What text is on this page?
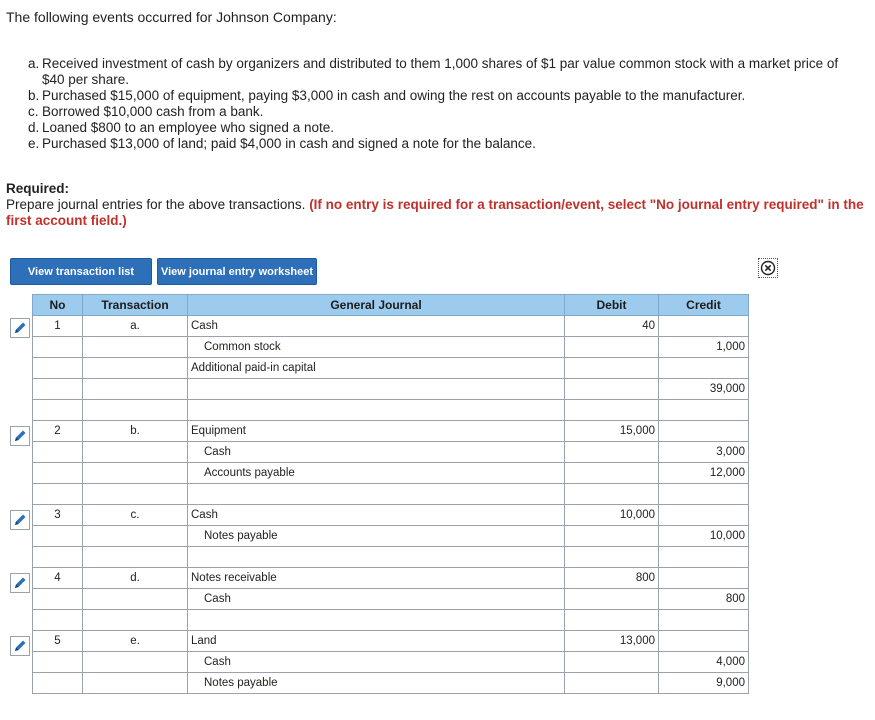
The following events occurred for Johnson Company:
a. Received investment of cash by organizers and distributed to them 1,000 shares of $1 par value common stock with a market price of $40 per share.
b. Purchased $15,000 of equipment, paying $3,000 in cash and owing the rest on accounts payable to the manufacturer.
c. Borrowed $10,000 cash from a bank.
d. Loaned $800 to an employee who signed a note.
e. Purchased $13,000 of land; paid $4,000 in cash and signed a note for the balance.
Required:
Prepare journal entries for the above transactions. (If no entry is required for a transaction/event, select "No journal entry required" in the first account field.)
View transaction list	View journal entry worksheet
No	Transaction	General Journal	Debit	Credit
1	a.	Cash	40	
		Common stock		1,000
		Additional paid-in capital		
				39,000

2	b.	Equipment	15,000	
		Cash		3,000
		Accounts payable		12,000

3	c.	Cash	10,000	
		Notes payable		10,000

4	d.	Notes receivable	800	
		Cash		800

5	e.	Land	13,000	
		Cash		4,000
		Notes payable		9,000
